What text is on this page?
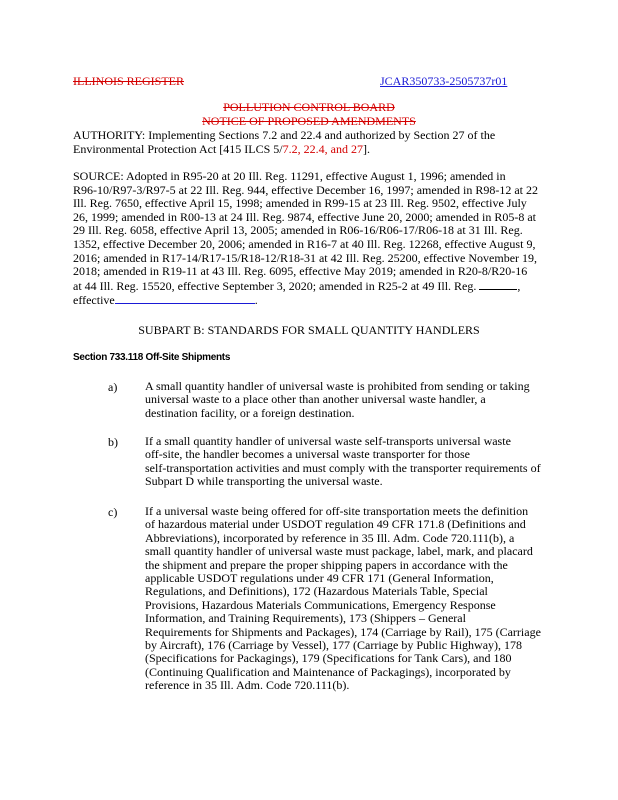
ILLINOIS REGISTER	JCAR350733-2505737r01
POLLUTION CONTROL BOARD
NOTICE OF PROPOSED AMENDMENTS

AUTHORITY: Implementing Sections 7.2 and 22.4 and authorized by Section 27 of the

Environmental Protection Act [415 ILCS 5/7.2, 22.4, and 27].

SOURCE: Adopted in R95-20 at 20 Ill. Reg. 11291, effective August 1, 1996; amended in

R96-10/R97-3/R97-5 at 22 Ill. Reg. 944, effective December 16, 1997; amended in R98-12 at 22

Ill. Reg. 7650, effective April 15, 1998; amended in R99-15 at 23 Ill. Reg. 9502, effective July

26, 1999; amended in R00-13 at 24 Ill. Reg. 9874, effective June 20, 2000; amended in R05-8 at

29 Ill. Reg. 6058, effective April 13, 2005; amended in R06-16/R06-17/R06-18 at 31 Ill. Reg.

1352, effective December 20, 2006; amended in R16-7 at 40 Ill. Reg. 12268, effective August 9,

2016; amended in R17-14/R17-15/R18-12/R18-31 at 42 Ill. Reg. 25200, effective November 19,

2018; amended in R19-11 at 43 Ill. Reg. 6095, effective May 2019; amended in R20-8/R20-16

at 44 Ill. Reg. 15520, effective September 3, 2020; amended in R25-2 at 49 Ill. Reg.	,

effective	.

SUBPART B: STANDARDS FOR SMALL QUANTITY HANDLERS
Section 733.118 Off-Site Shipments
a) A small quantity handler of universal waste is prohibited from sending or taking

universal waste to a place other than another universal waste handler, a

destination facility, or a foreign destination.

b) If a small quantity handler of universal waste self-transports universal waste

off-site, the handler becomes a universal waste transporter for those

self-transportation activities and must comply with the transporter requirements of

Subpart D while transporting the universal waste.

c) If a universal waste being offered for off-site transportation meets the definition

of hazardous material under USDOT regulation 49 CFR 171.8 (Definitions and

Abbreviations), incorporated by reference in 35 Ill. Adm. Code 720.111(b), a

small quantity handler of universal waste must package, label, mark, and placard

the shipment and prepare the proper shipping papers in accordance with the

applicable USDOT regulations under 49 CFR 171 (General Information,

Regulations, and Definitions), 172 (Hazardous Materials Table, Special

Provisions, Hazardous Materials Communications, Emergency Response

Information, and Training Requirements), 173 (Shippers – General

Requirements for Shipments and Packages), 174 (Carriage by Rail), 175 (Carriage

by Aircraft), 176 (Carriage by Vessel), 177 (Carriage by Public Highway), 178

(Specifications for Packagings), 179 (Specifications for Tank Cars), and 180

(Continuing Qualification and Maintenance of Packagings), incorporated by

reference in 35 Ill. Adm. Code 720.111(b).
